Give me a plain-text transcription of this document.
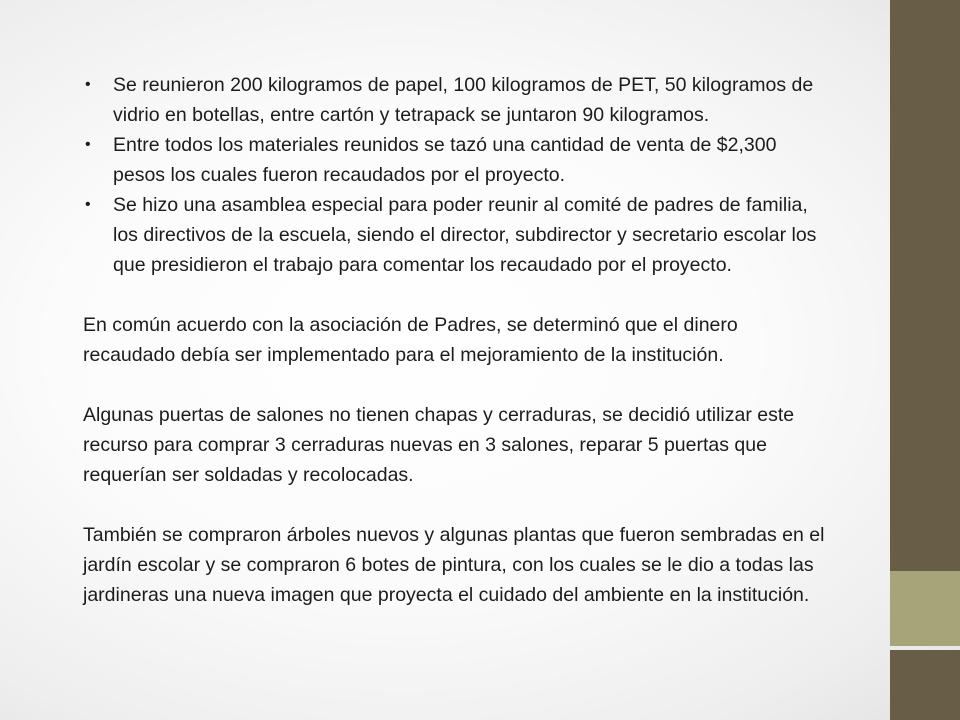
• Se reunieron 200 kilogramos de papel, 100 kilogramos de PET, 50 kilogramos de vidrio en botellas, entre cartón y tetrapack se juntaron 90 kilogramos.
• Entre todos los materiales reunidos se tazó una cantidad de venta de $2,300 pesos los cuales fueron recaudados por el proyecto.
• Se hizo una asamblea especial para poder reunir al comité de padres de familia, los directivos de la escuela, siendo el director, subdirector y secretario escolar los que presidieron el trabajo para comentar los recaudado por el proyecto.

En común acuerdo con la asociación de Padres, se determinó que el dinero recaudado debía ser implementado para el mejoramiento de la institución.

Algunas puertas de salones no tienen chapas y cerraduras, se decidió utilizar este recurso para comprar 3 cerraduras nuevas en 3 salones, reparar 5 puertas que requerían ser soldadas y recolocadas.

También se compraron árboles nuevos y algunas plantas que fueron sembradas en el jardín escolar y se compraron 6 botes de pintura, con los cuales se le dio a todas las jardineras una nueva imagen que proyecta el cuidado del ambiente en la institución.
